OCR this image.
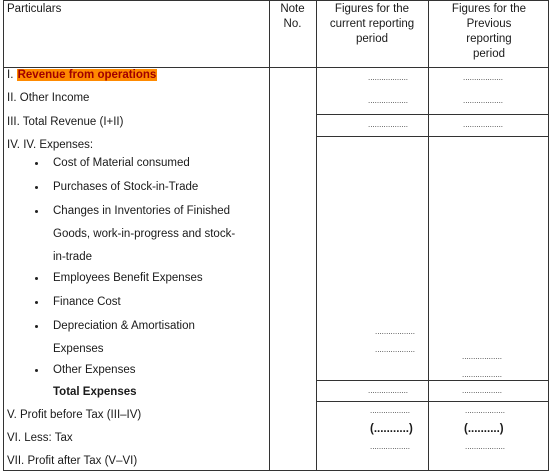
Particulars	Note
No.
Figures for the
current reporting
period
Figures for the
Previous
reporting
period
I. Revenue from operations
II. Other Income
III. Total Revenue (I+II)
IV. IV. Expenses:
Cost of Material consumed
Purchases of Stock-in-Trade
Changes in Inventories of Finished
Goods, work-in-progress and stock-
in-trade
Employees Benefit Expenses
Finance Cost
Depreciation & Amortisation
Expenses
Other Expenses
Total Expenses
V. Profit before Tax (III–IV)
VI. Less: Tax
VII. Profit after Tax (V–VI)
..................
..................
..................
..................
..................
..................
..................
(...........)
..................
..................
..................
..................
..................
..................
..................
..................
(..........)
..................
